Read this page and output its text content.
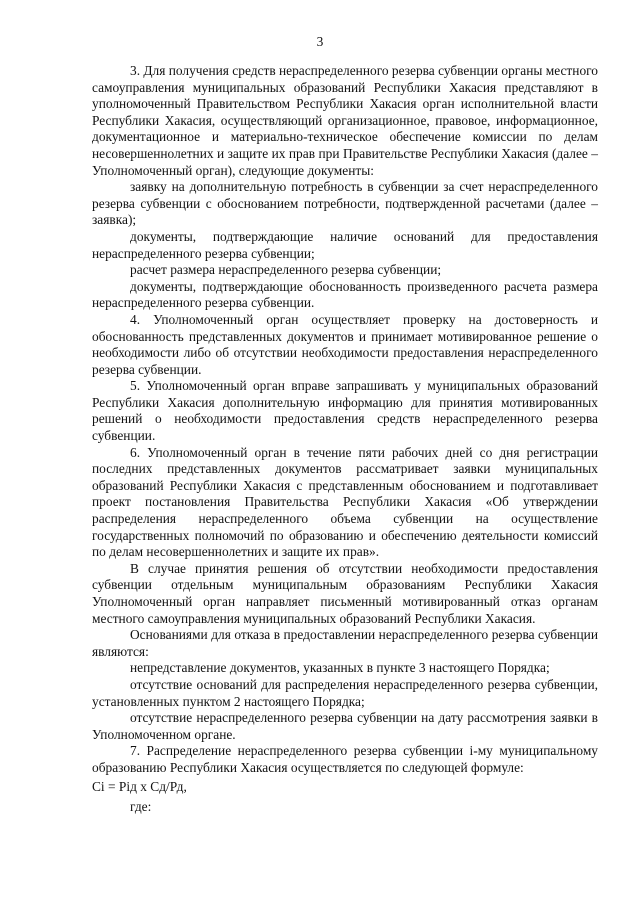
3

3. Для получения средств нераспределенного резерва субвенции органы местного самоуправления муниципальных образований Республики Хакасия представляют в уполномоченный Правительством Республики Хакасия орган исполнительной власти Республики Хакасия, осуществляющий организационное, правовое, информационное, документационное и материально-техническое обеспечение комиссии по делам несовершеннолетних и защите их прав при Правительстве Республики Хакасия (далее – Уполномоченный орган), следующие документы:

заявку на дополнительную потребность в субвенции за счет нераспределенного резерва субвенции с обоснованием потребности, подтвержденной расчетами (далее – заявка);

документы, подтверждающие наличие оснований для предоставления нераспределенного резерва субвенции;

расчет размера нераспределенного резерва субвенции;

документы, подтверждающие обоснованность произведенного расчета размера нераспределенного резерва субвенции.

4. Уполномоченный орган осуществляет проверку на достоверность и обоснованность представленных документов и принимает мотивированное решение о необходимости либо об отсутствии необходимости предоставления нераспределенного резерва субвенции.

5. Уполномоченный орган вправе запрашивать у муниципальных образований Республики Хакасия дополнительную информацию для принятия мотивированных решений о необходимости предоставления средств нераспределенного резерва субвенции.

6. Уполномоченный орган в течение пяти рабочих дней со дня регистрации последних представленных документов рассматривает заявки муниципальных образований Республики Хакасия с представленным обоснованием и подготавливает проект постановления Правительства Республики Хакасия «Об утверждении распределения нераспределенного объема субвенции на осуществление государственных полномочий по образованию и обеспечению деятельности комиссий по делам несовершеннолетних и защите их прав».

В случае принятия решения об отсутствии необходимости предоставления субвенции отдельным муниципальным образованиям Республики Хакасия Уполномоченный орган направляет письменный мотивированный отказ органам местного самоуправления муниципальных образований Республики Хакасия.

Основаниями для отказа в предоставлении нераспределенного резерва субвенции являются:

непредставление документов, указанных в пункте 3 настоящего Порядка;

отсутствие оснований для распределения нераспределенного резерва субвенции, установленных пунктом 2 настоящего Порядка;

отсутствие нераспределенного резерва субвенции на дату рассмотрения заявки в Уполномоченном органе.

7. Распределение нераспределенного резерва субвенции i-му муниципальному образованию Республики Хакасия осуществляется по следующей формуле:

Сi = Рiд х Сд/Рд,

где:
